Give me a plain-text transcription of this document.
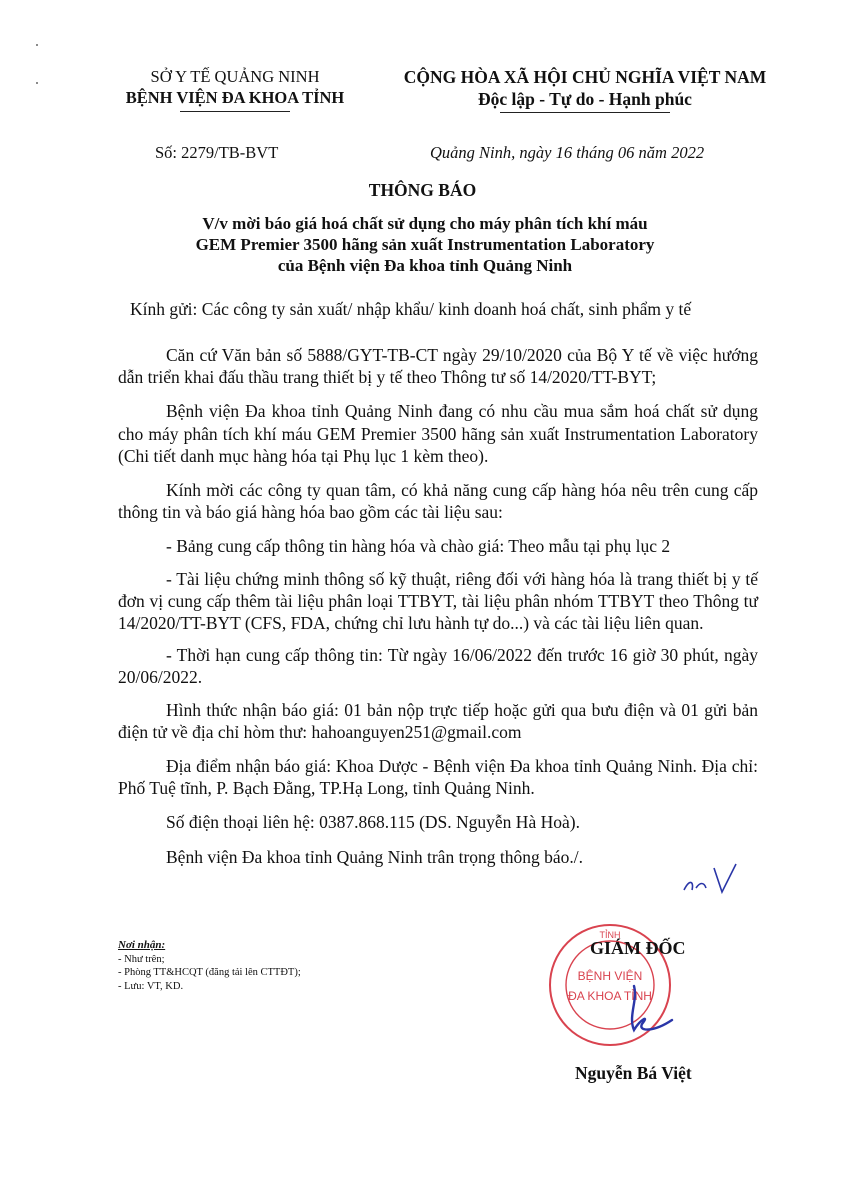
SỞ Y TẾ QUẢNG NINH
BỆNH VIỆN ĐA KHOA TỈNH
CỘNG HÒA XÃ HỘI CHỦ NGHĨA VIỆT NAM
Độc lập - Tự do - Hạnh phúc
Số: 2279/TB-BVT	Quảng Ninh, ngày 16 tháng 06 năm 2022
THÔNG BÁO
V/v mời báo giá hoá chất sử dụng cho máy phân tích khí máu
GEM Premier 3500 hãng sản xuất Instrumentation Laboratory
của Bệnh viện Đa khoa tỉnh Quảng Ninh
Kính gửi: Các công ty sản xuất/ nhập khẩu/ kinh doanh hoá chất, sinh phẩm y tế

Căn cứ Văn bản số 5888/GYT-TB-CT ngày 29/10/2020 của Bộ Y tế về việc hướng dẫn triển khai đấu thầu trang thiết bị y tế theo Thông tư số 14/2020/TT-BYT;

Bệnh viện Đa khoa tỉnh Quảng Ninh đang có nhu cầu mua sắm hoá chất sử dụng cho máy phân tích khí máu GEM Premier 3500 hãng sản xuất Instrumentation Laboratory (Chi tiết danh mục hàng hóa tại Phụ lục 1 kèm theo).

Kính mời các công ty quan tâm, có khả năng cung cấp hàng hóa nêu trên cung cấp thông tin và báo giá hàng hóa bao gồm các tài liệu sau:

- Bảng cung cấp thông tin hàng hóa và chào giá: Theo mẫu tại phụ lục 2

- Tài liệu chứng minh thông số kỹ thuật, riêng đối với hàng hóa là trang thiết bị y tế đơn vị cung cấp thêm tài liệu phân loại TTBYT, tài liệu phân nhóm TTBYT theo Thông tư 14/2020/TT-BYT (CFS, FDA, chứng chỉ lưu hành tự do...) và các tài liệu liên quan.

- Thời hạn cung cấp thông tin: Từ ngày 16/06/2022 đến trước 16 giờ 30 phút, ngày 20/06/2022.

Hình thức nhận báo giá: 01 bản nộp trực tiếp hoặc gửi qua bưu điện và 01 gửi bản điện tử về địa chỉ hòm thư: hahoanguyen251@gmail.com

Địa điểm nhận báo giá: Khoa Dược - Bệnh viện Đa khoa tỉnh Quảng Ninh. Địa chỉ: Phố Tuệ tĩnh, P. Bạch Đằng, TP.Hạ Long, tỉnh Quảng Ninh.

Số điện thoại liên hệ: 0387.868.115 (DS. Nguyễn Hà Hoà).

Bệnh viện Đa khoa tỉnh Quảng Ninh trân trọng thông báo./.

Nơi nhận:
- Như trên;
- Phòng TT&HCQT (đăng tải lên CTTĐT);
- Lưu: VT, KD.
TỈNH
BỆNH VIỆN
ĐA KHOA TỈNH
GIÁM ĐỐC
Nguyễn Bá Việt
